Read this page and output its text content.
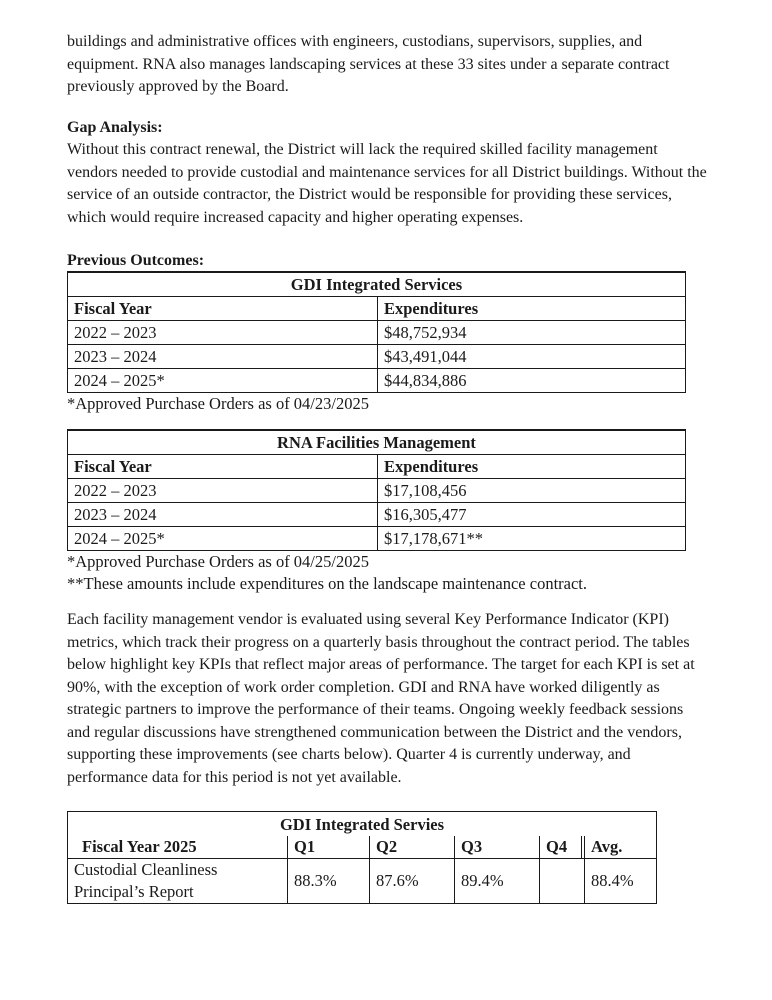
buildings and administrative offices with engineers, custodians, supervisors, supplies, and equipment. RNA also manages landscaping services at these 33 sites under a separate contract previously approved by the Board.

Gap Analysis:

Without this contract renewal, the District will lack the required skilled facility management vendors needed to provide custodial and maintenance services for all District buildings. Without the service of an outside contractor, the District would be responsible for providing these services, which would require increased capacity and higher operating expenses.

Previous Outcomes:

GDI Integrated Services	
Fiscal Year	Expenditures
2022 – 2023	$48,752,934
2023 – 2024	$43,491,044
2024 – 2025*	$44,834,886

*Approved Purchase Orders as of 04/23/2025

RNA Facilities Management	
Fiscal Year	Expenditures
2022 – 2023	$17,108,456
2023 – 2024	$16,305,477
2024 – 2025*	$17,178,671**

*Approved Purchase Orders as of 04/25/2025

**These amounts include expenditures on the landscape maintenance contract.

Each facility management vendor is evaluated using several Key Performance Indicator (KPI) metrics, which track their progress on a quarterly basis throughout the contract period. The tables below highlight key KPIs that reflect major areas of performance. The target for each KPI is set at 90%, with the exception of work order completion. GDI and RNA have worked diligently as strategic partners to improve the performance of their teams. Ongoing weekly feedback sessions and regular discussions have strengthened communication between the District and the vendors, supporting these improvements (see charts below). Quarter 4 is currently underway, and performance data for this period is not yet available.

GDI Integrated Servies						
Fiscal Year 2025	Q1	Q2	Q3	Q4		Avg.

Custodial Cleanliness
Principal’s Report	88.3%	87.6%	89.4%			88.4%
